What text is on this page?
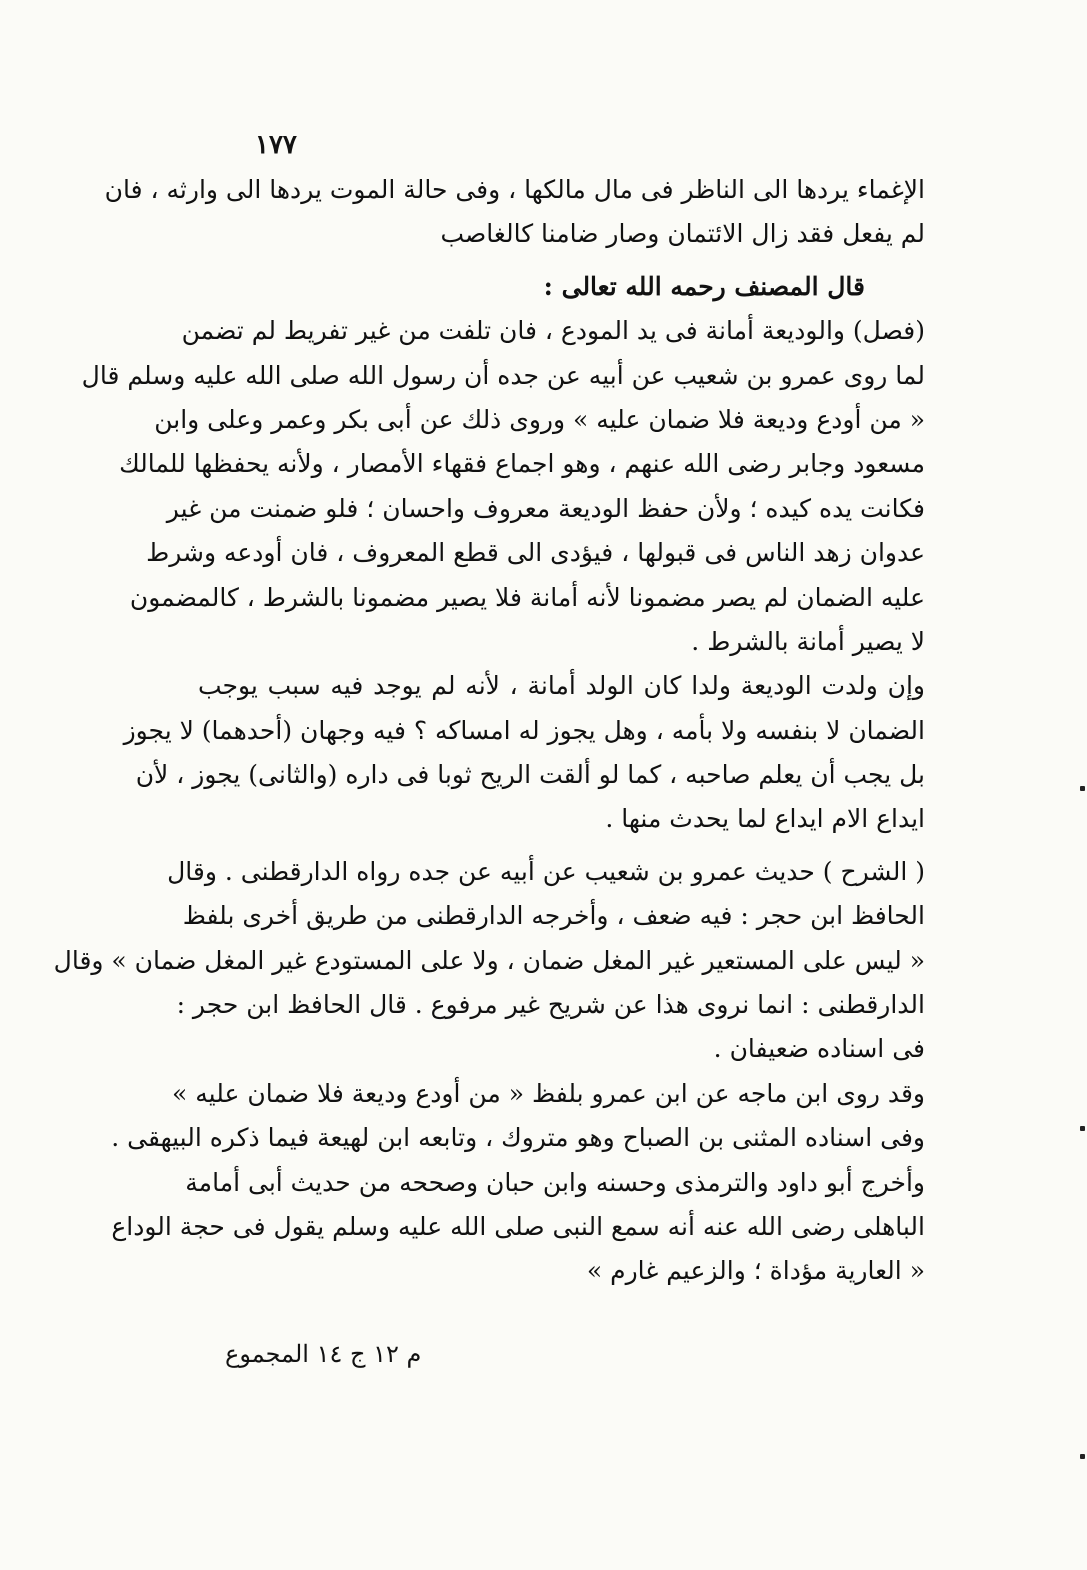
١٧٧
الإغماء يردها الى الناظر فى مال مالكها ، وفى حالة الموت يردها الى وارثه ، فان
لم يفعل فقد زال الائتمان وصار ضامنا كالغاصب
قال المصنف رحمه الله تعالى :
(فصل) والوديعة أمانة فى يد المودع ، فان تلفت من غير تفريط لم تضمن
لما روى عمرو بن شعيب عن أبيه عن جده أن رسول الله صلى الله عليه وسلم قال
« من أودع وديعة فلا ضمان عليه » وروى ذلك عن أبى بكر وعمر وعلى وابن
مسعود وجابر رضى الله عنهم ، وهو اجماع فقهاء الأمصار ، ولأنه يحفظها للمالك
فكانت يده كيده ؛ ولأن حفظ الوديعة معروف واحسان ؛ فلو ضمنت من غير
عدوان زهد الناس فى قبولها ، فيؤدى الى قطع المعروف ، فان أودعه وشرط
عليه الضمان لم يصر مضمونا لأنه أمانة فلا يصير مضمونا بالشرط ، كالمضمون
لا يصير أمانة بالشرط .
وإن ولدت الوديعة ولدا كان الولد أمانة ، لأنه لم يوجد فيه سبب يوجب
الضمان لا بنفسه ولا بأمه ، وهل يجوز له امساكه ؟ فيه وجهان (أحدهما) لا يجوز
بل يجب أن يعلم صاحبه ، كما لو ألقت الريح ثوبا فى داره (والثانى) يجوز ، لأن
ايداع الام ايداع لما يحدث منها .
( الشرح ) حديث عمرو بن شعيب عن أبيه عن جده رواه الدارقطنى . وقال
الحافظ ابن حجر : فيه ضعف ، وأخرجه الدارقطنى من طريق أخرى بلفظ
« ليس على المستعير غير المغل ضمان ، ولا على المستودع غير المغل ضمان » وقال
الدارقطنى : انما نروى هذا عن شريح غير مرفوع . قال الحافظ ابن حجر :
فى اسناده ضعيفان .
وقد روى ابن ماجه عن ابن عمرو بلفظ « من أودع وديعة فلا ضمان عليه »
وفى اسناده المثنى بن الصباح وهو متروك ، وتابعه ابن لهيعة فيما ذكره البيهقى .
وأخرج أبو داود والترمذى وحسنه وابن حبان وصححه من حديث أبى أمامة
الباهلى رضى الله عنه أنه سمع النبى صلى الله عليه وسلم يقول فى حجة الوداع
« العارية مؤداة ؛ والزعيم غارم »
م ١٢ ج ١٤ المجموع
